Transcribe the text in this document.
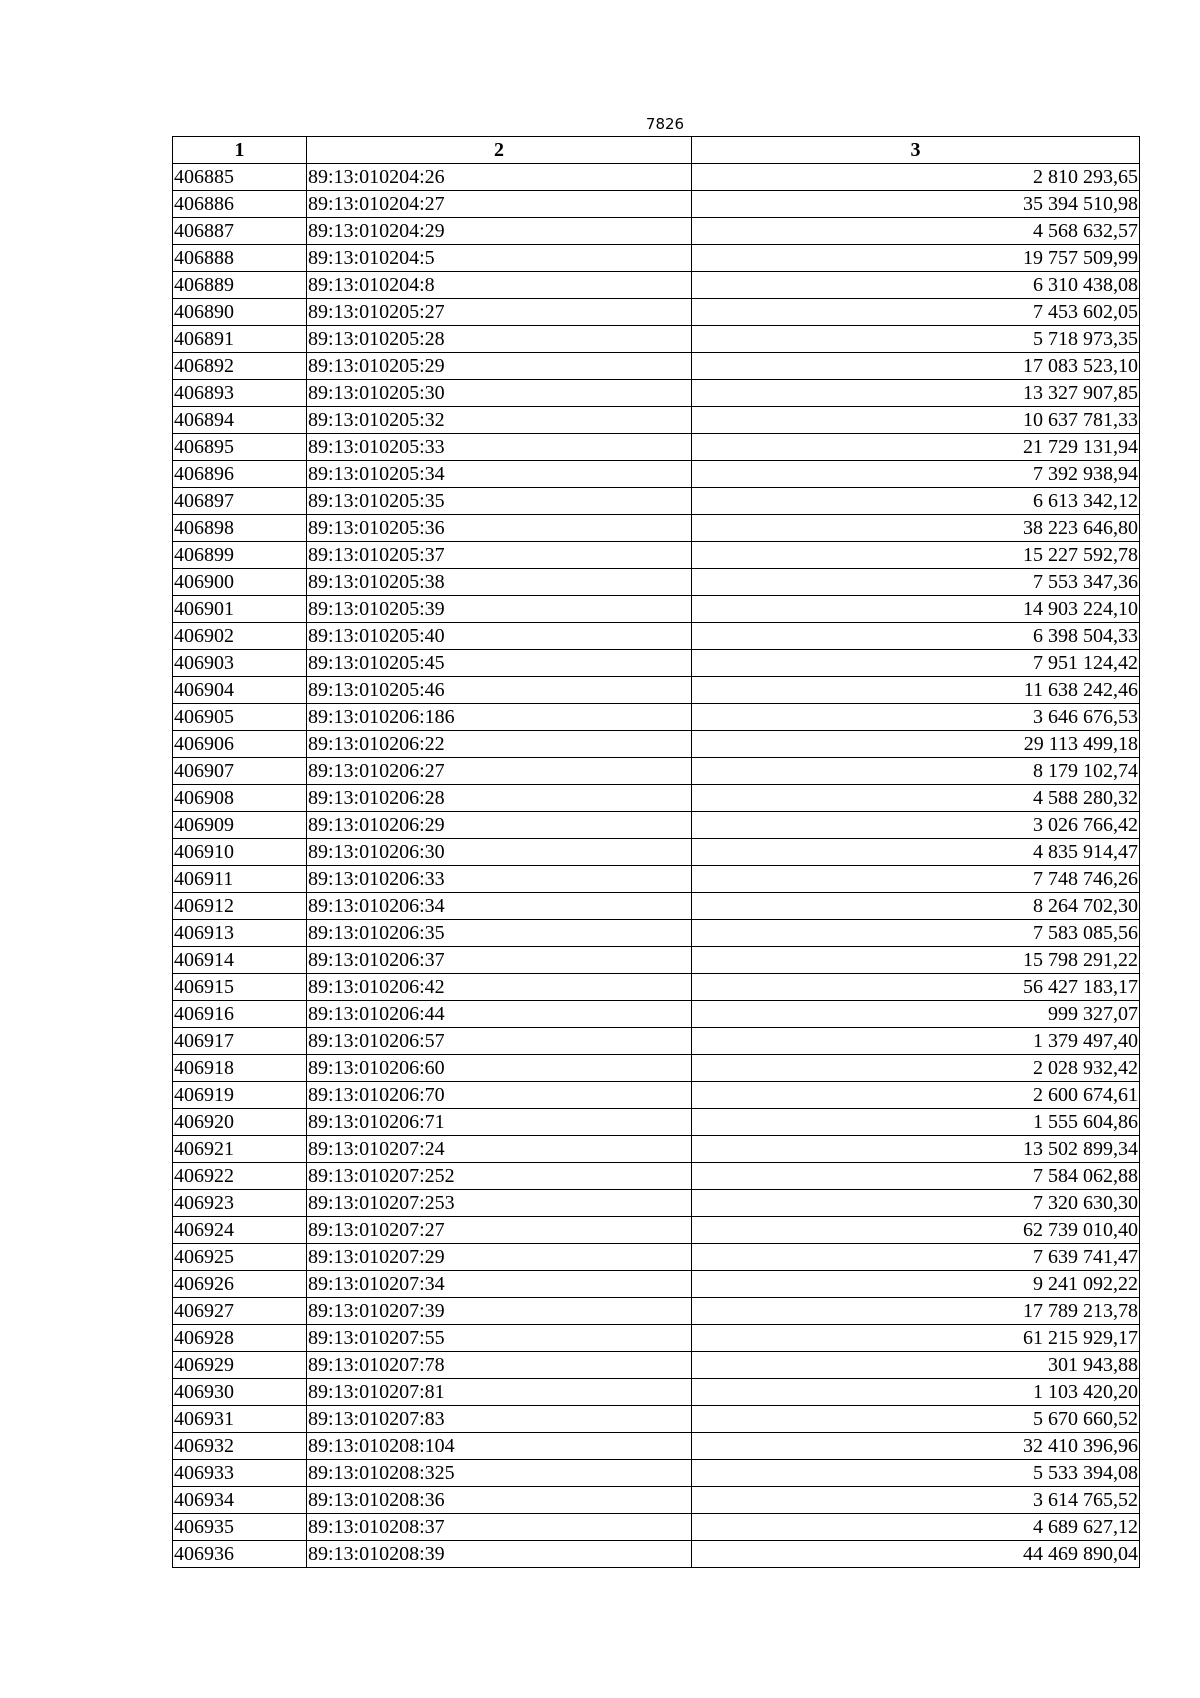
7826
1	2	3
406885	89:13:010204:26	2 810 293,65
406886	89:13:010204:27	35 394 510,98
406887	89:13:010204:29	4 568 632,57
406888	89:13:010204:5	19 757 509,99
406889	89:13:010204:8	6 310 438,08
406890	89:13:010205:27	7 453 602,05
406891	89:13:010205:28	5 718 973,35
406892	89:13:010205:29	17 083 523,10
406893	89:13:010205:30	13 327 907,85
406894	89:13:010205:32	10 637 781,33
406895	89:13:010205:33	21 729 131,94
406896	89:13:010205:34	7 392 938,94
406897	89:13:010205:35	6 613 342,12
406898	89:13:010205:36	38 223 646,80
406899	89:13:010205:37	15 227 592,78
406900	89:13:010205:38	7 553 347,36
406901	89:13:010205:39	14 903 224,10
406902	89:13:010205:40	6 398 504,33
406903	89:13:010205:45	7 951 124,42
406904	89:13:010205:46	11 638 242,46
406905	89:13:010206:186	3 646 676,53
406906	89:13:010206:22	29 113 499,18
406907	89:13:010206:27	8 179 102,74
406908	89:13:010206:28	4 588 280,32
406909	89:13:010206:29	3 026 766,42
406910	89:13:010206:30	4 835 914,47
406911	89:13:010206:33	7 748 746,26
406912	89:13:010206:34	8 264 702,30
406913	89:13:010206:35	7 583 085,56
406914	89:13:010206:37	15 798 291,22
406915	89:13:010206:42	56 427 183,17
406916	89:13:010206:44	999 327,07
406917	89:13:010206:57	1 379 497,40
406918	89:13:010206:60	2 028 932,42
406919	89:13:010206:70	2 600 674,61
406920	89:13:010206:71	1 555 604,86
406921	89:13:010207:24	13 502 899,34
406922	89:13:010207:252	7 584 062,88
406923	89:13:010207:253	7 320 630,30
406924	89:13:010207:27	62 739 010,40
406925	89:13:010207:29	7 639 741,47
406926	89:13:010207:34	9 241 092,22
406927	89:13:010207:39	17 789 213,78
406928	89:13:010207:55	61 215 929,17
406929	89:13:010207:78	301 943,88
406930	89:13:010207:81	1 103 420,20
406931	89:13:010207:83	5 670 660,52
406932	89:13:010208:104	32 410 396,96
406933	89:13:010208:325	5 533 394,08
406934	89:13:010208:36	3 614 765,52
406935	89:13:010208:37	4 689 627,12
406936	89:13:010208:39	44 469 890,04
